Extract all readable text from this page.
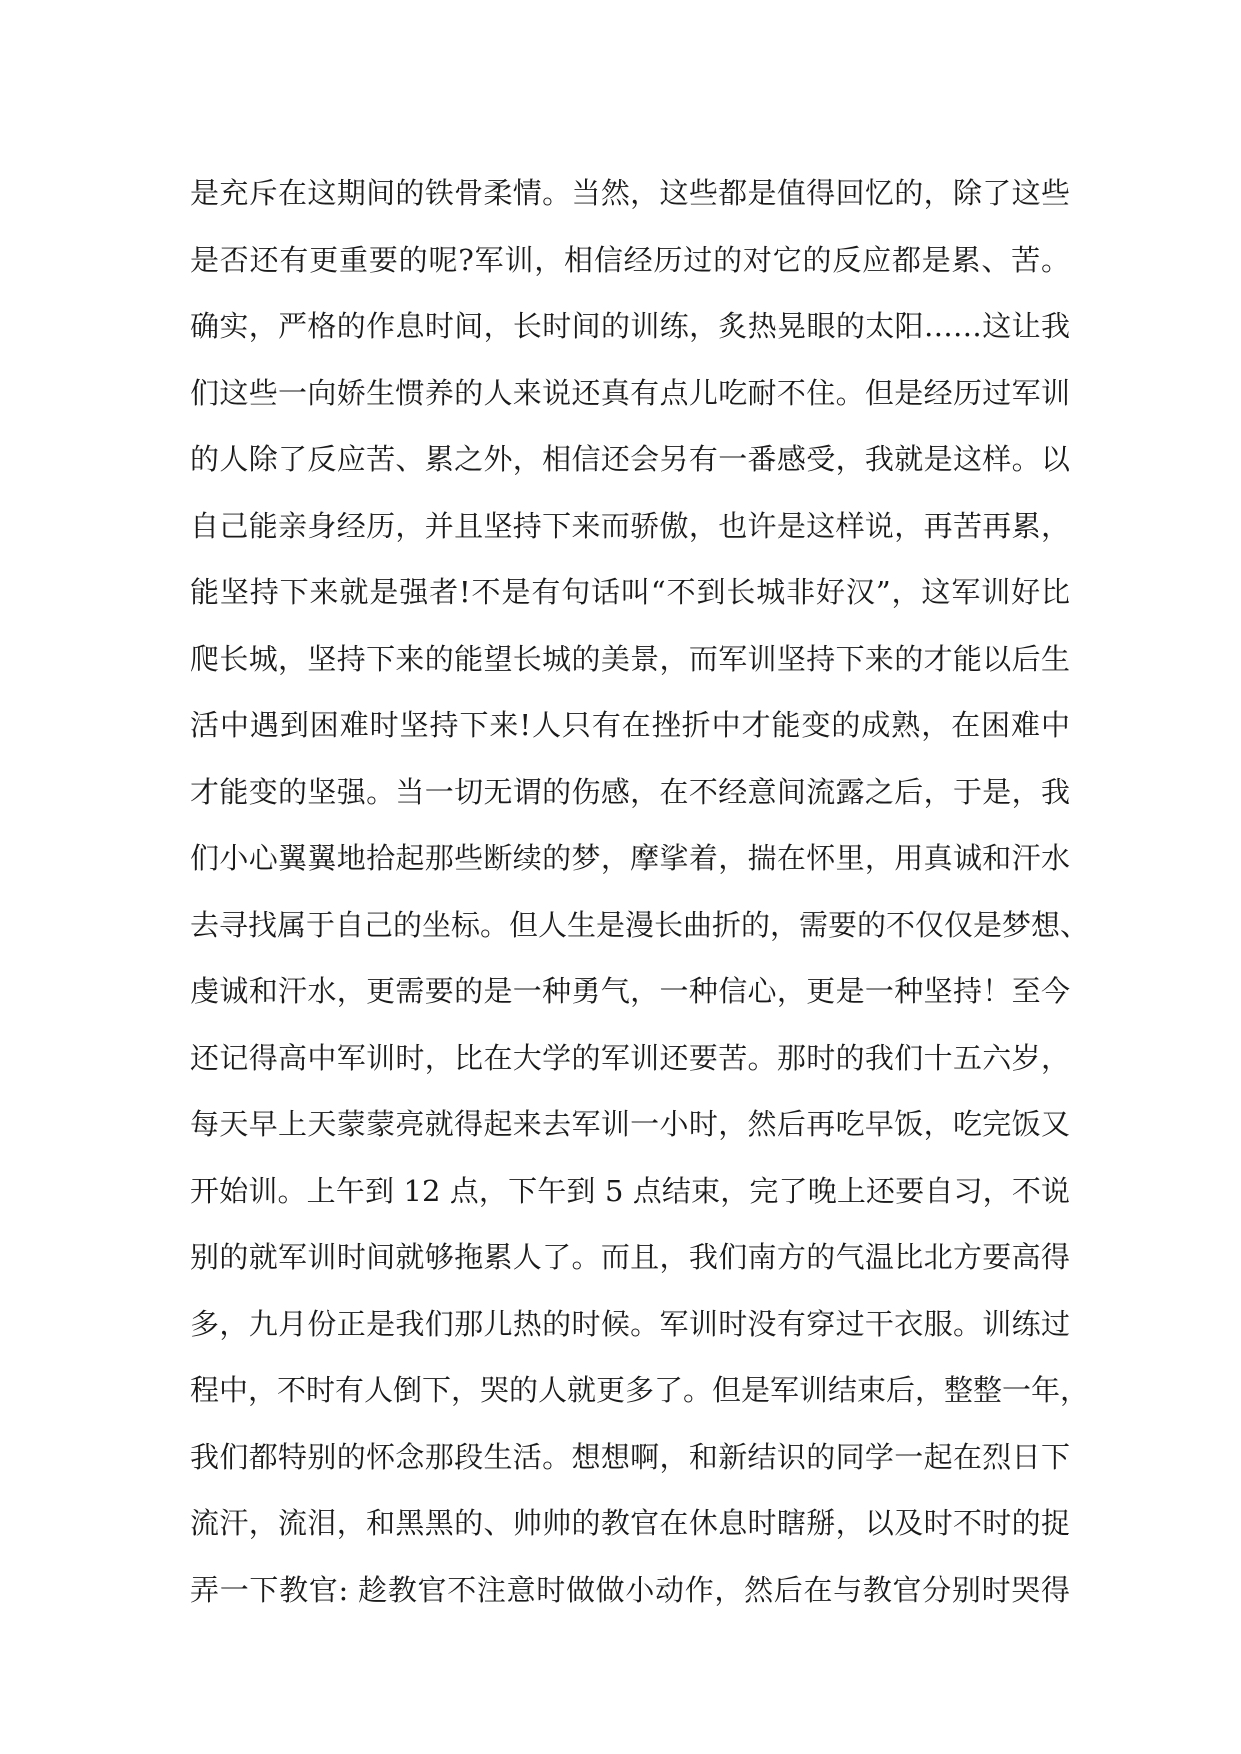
是充斥在这期间的铁骨柔情。当然，这些都是值得回忆的，除了这些
是否还有更重要的呢?军训，相信经历过的对它的反应都是累、苦。
确实，严格的作息时间，长时间的训练，炙热晃眼的太阳……这让我
们这些一向娇生惯养的人来说还真有点儿吃耐不住。但是经历过军训
的人除了反应苦、累之外，相信还会另有一番感受，我就是这样。以
自己能亲身经历，并且坚持下来而骄傲，也许是这样说，再苦再累，
能坚持下来就是强者!不是有句话叫“不到长城非好汉”，这军训好比
爬长城，坚持下来的能望长城的美景，而军训坚持下来的才能以后生
活中遇到困难时坚持下来!人只有在挫折中才能变的成熟，在困难中
才能变的坚强。当一切无谓的伤感，在不经意间流露之后，于是，我
们小心翼翼地拾起那些断续的梦，摩挲着，揣在怀里，用真诚和汗水
去寻找属于自己的坐标。但人生是漫长曲折的，需要的不仅仅是梦想、
虔诚和汗水，更需要的是一种勇气，一种信心，更是一种坚持！至今
还记得高中军训时，比在大学的军训还要苦。那时的我们十五六岁，
每天早上天蒙蒙亮就得起来去军训一小时，然后再吃早饭，吃完饭又
开始训。上午到 12 点，下午到 5 点结束，完了晚上还要自习，不说
别的就军训时间就够拖累人了。而且，我们南方的气温比北方要高得
多，九月份正是我们那儿热的时候。军训时没有穿过干衣服。训练过
程中，不时有人倒下，哭的人就更多了。但是军训结束后，整整一年，
我们都特别的怀念那段生活。想想啊，和新结识的同学一起在烈日下
流汗，流泪，和黑黑的、帅帅的教官在休息时瞎掰，以及时不时的捉
弄一下教官: 趁教官不注意时做做小动作，然后在与教官分别时哭得
